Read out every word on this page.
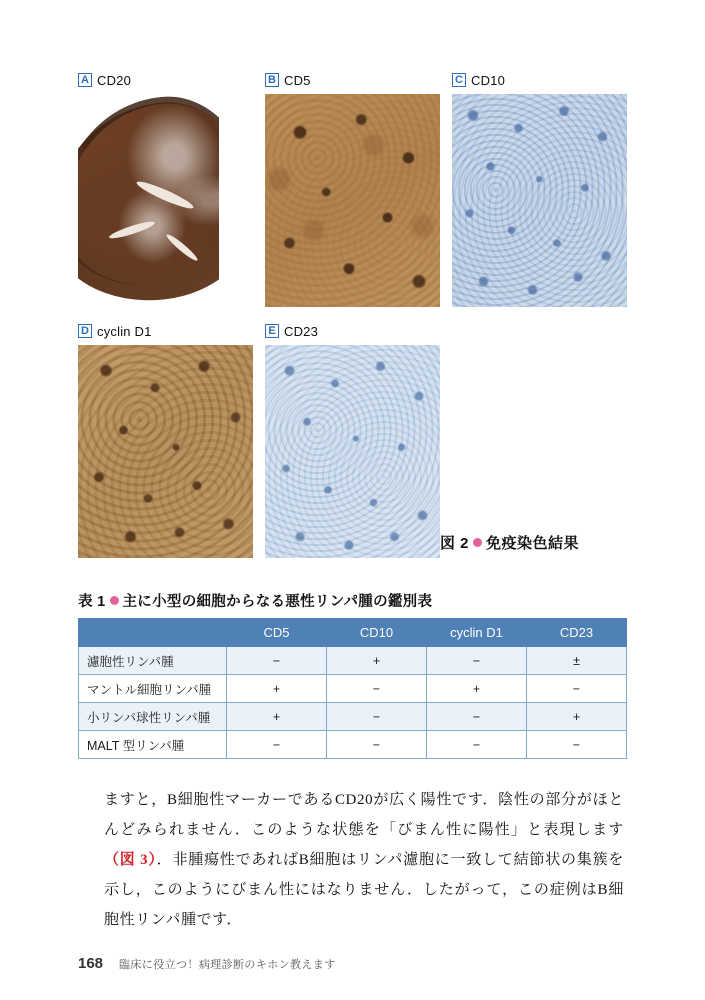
A CD20	B CD5	C CD10
D cyclin D1	E CD23
図 2 免疫染色結果
表 1 主に小型の細胞からなる悪性リンパ腫の鑑別表
	CD5	CD10	cyclin D1	CD23
濾胞性リンパ腫	−	+	−	±
マントル細胞リンパ腫	+	−	+	−
小リンパ球性リンパ腫	+	−	−	+
MALT 型リンパ腫	−	−	−	−

ますと，B細胞性マーカーであるCD20が広く陽性です．陰性の部分がほとんどみられません．このような状態を「びまん性に陽性」と表現します（図 3）．非腫瘍性であればB細胞はリンパ濾胞に一致して結節状の集簇を示し，このようにびまん性にはなりません．したがって，この症例はB細胞性リンパ腫です．

168 臨床に役立つ！病理診断のキホン教えます
